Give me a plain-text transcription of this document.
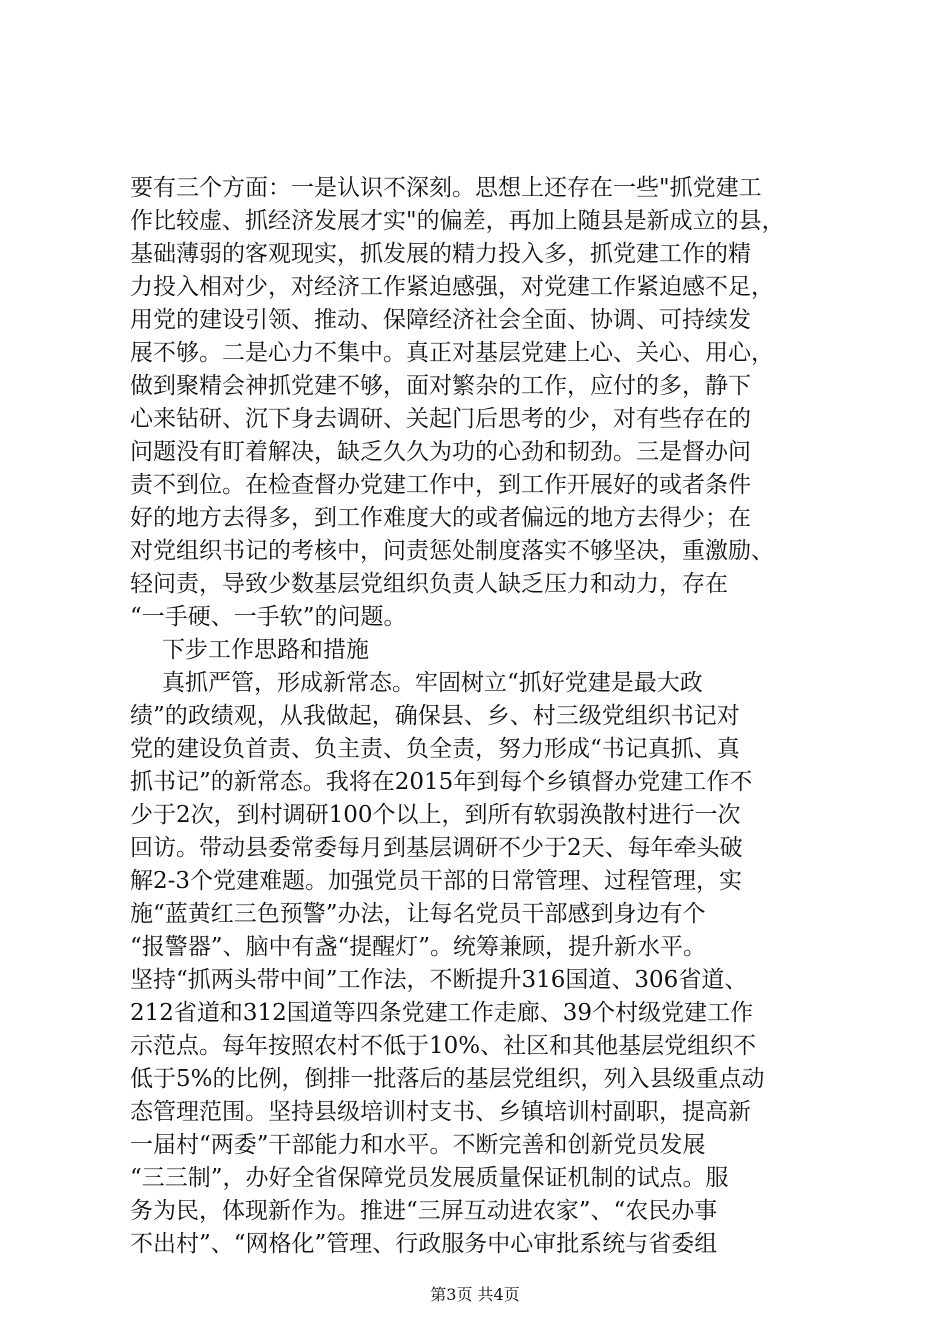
要有三个方面：一是认识不深刻。思想上还存在一些"抓党建工
作比较虚、抓经济发展才实"的偏差，再加上随县是新成立的县，
基础薄弱的客观现实，抓发展的精力投入多，抓党建工作的精
力投入相对少，对经济工作紧迫感强，对党建工作紧迫感不足，
用党的建设引领、推动、保障经济社会全面、协调、可持续发
展不够。二是心力不集中。真正对基层党建上心、关心、用心，
做到聚精会神抓党建不够，面对繁杂的工作，应付的多，静下
心来钻研、沉下身去调研、关起门后思考的少，对有些存在的
问题没有盯着解决，缺乏久久为功的心劲和韧劲。三是督办问
责不到位。在检查督办党建工作中，到工作开展好的或者条件
好的地方去得多，到工作难度大的或者偏远的地方去得少；在
对党组织书记的考核中，问责惩处制度落实不够坚决，重激励、
轻问责，导致少数基层党组织负责人缺乏压力和动力，存在
“一手硬、一手软”的问题。
下步工作思路和措施
真抓严管，形成新常态。牢固树立“抓好党建是最大政
绩”的政绩观，从我做起，确保县、乡、村三级党组织书记对
党的建设负首责、负主责、负全责，努力形成“书记真抓、真
抓书记”的新常态。我将在2015年到每个乡镇督办党建工作不
少于2次，到村调研100个以上，到所有软弱涣散村进行一次
回访。带动县委常委每月到基层调研不少于2天、每年牵头破
解2-3个党建难题。加强党员干部的日常管理、过程管理，实
施“蓝黄红三色预警”办法，让每名党员干部感到身边有个
“报警器”、脑中有盏“提醒灯”。统筹兼顾，提升新水平。
坚持“抓两头带中间”工作法，不断提升316国道、306省道、
212省道和312国道等四条党建工作走廊、39个村级党建工作
示范点。每年按照农村不低于10%、社区和其他基层党组织不
低于5%的比例，倒排一批落后的基层党组织，列入县级重点动
态管理范围。坚持县级培训村支书、乡镇培训村副职，提高新
一届村“两委”干部能力和水平。不断完善和创新党员发展
“三三制”，办好全省保障党员发展质量保证机制的试点。服
务为民，体现新作为。推进“三屏互动进农家”、“农民办事
不出村”、“网格化”管理、行政服务中心审批系统与省委组
第3页 共4页
